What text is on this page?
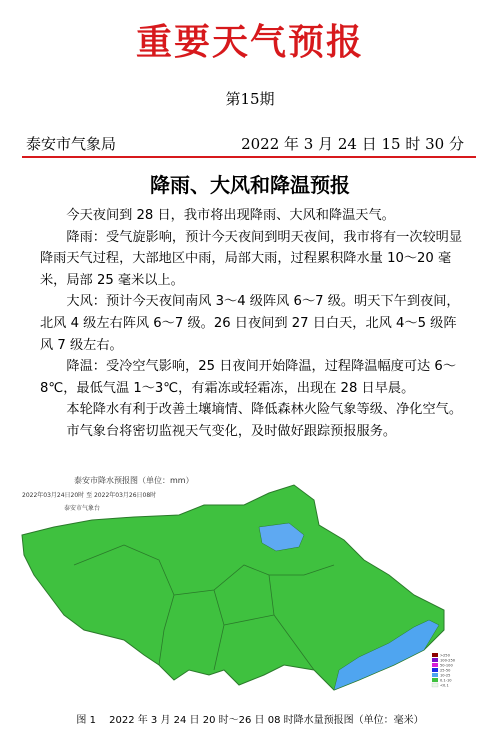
重要天气预报
第15期
泰安市气象局	2022 年 3 月 24 日 15 时 30 分
降雨、大风和降温预报

今天夜间到 28 日，我市将出现降雨、大风和降温天气。

降雨：受气旋影响，预计今天夜间到明天夜间，我市将有一次较明显降雨天气过程，大部地区中雨，局部大雨，过程累积降水量 10～20 毫米，局部 25 毫米以上。

大风：预计今天夜间南风 3～4 级阵风 6～7 级。明天下午到夜间，北风 4 级左右阵风 6～7 级。26 日夜间到 27 日白天，北风 4～5 级阵风 7 级左右。

降温：受冷空气影响，25 日夜间开始降温，过程降温幅度可达 6～8℃，最低气温 1～3℃，有霜冻或轻霜冻，出现在 28 日早晨。

本轮降水有利于改善土壤墒情、降低森林火险气象等级、净化空气。

市气象台将密切监视天气变化，及时做好跟踪预报服务。

泰安市降水预报图（单位：mm）
2022年03月24日20时 至 2022年03月26日08时
泰安市气象台
>250
100-250
50-100
25-50
10-25
0.1-10
<0.1
图 1　 2022 年 3 月 24 日 20 时～26 日 08 时降水量预报图（单位：毫米）
